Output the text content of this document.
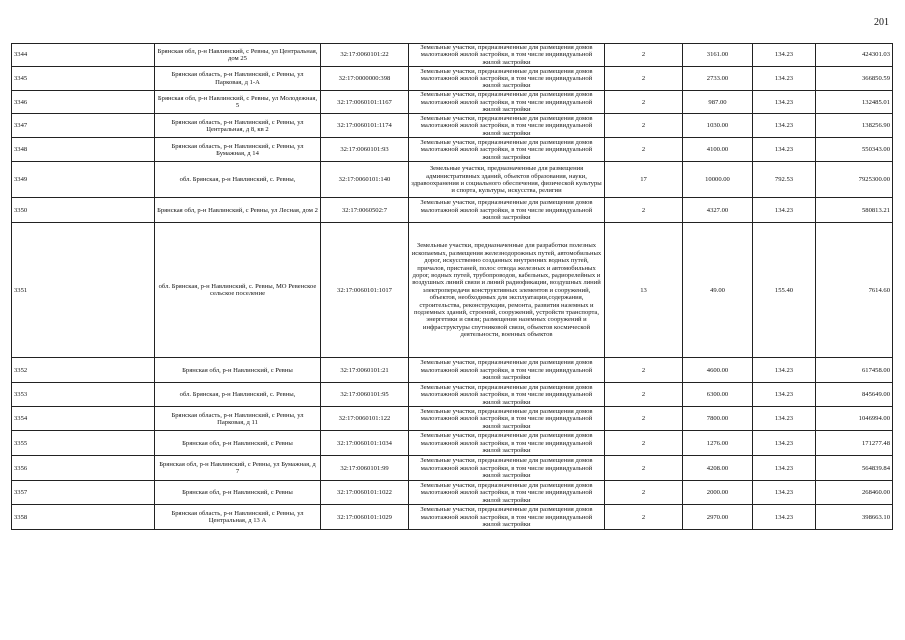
201
3344	Брянская обл, р-н Навлинский, с Ревны, ул Центральная, дом 25	32:17:0060101:22	Земельные участки, предназначенные для размещения домов малоэтажной жилой застройки, в том числе индивидуальной жилой застройки	2	3161.00	134.23	424301.03
3345	Брянская область, р-н Навлинский, с Ревны, ул Парковая, д 1-А	32:17:0000000:398	Земельные участки, предназначенные для размещения домов малоэтажной жилой застройки, в том числе индивидуальной жилой застройки	2	2733.00	134.23	366850.59
3346	Брянская обл, р-н Навлинский, с Ревны, ул Молодежная, 5	32:17:0060101:1167	Земельные участки, предназначенные для размещения домов малоэтажной жилой застройки, в том числе индивидуальной жилой застройки	2	987.00	134.23	132485.01
3347	Брянская область, р-н Навлинский, с Ревны, ул Центральная, д 8, кв 2	32:17:0060101:1174	Земельные участки, предназначенные для размещения домов малоэтажной жилой застройки, в том числе индивидуальной жилой застройки	2	1030.00	134.23	138256.90
3348	Брянская область, р-н Навлинский, с Ревны, ул Бумажная, д 14	32:17:0060101:93	Земельные участки, предназначенные для размещения домов малоэтажной жилой застройки, в том числе индивидуальной жилой застройки	2	4100.00	134.23	550343.00
3349	обл. Брянская, р-н Навлинский, с. Ревны,	32:17:0060101:140	Земельные участки, предназначенные для размещения административных зданий, объектов образования, науки, здравоохранения и социального обеспечения, физической культуры и спорта, культуры, искусства, религии	17	10000.00	792.53	7925300.00
3350	Брянская обл, р-н Навлинский, с Ревны, ул Лесная, дом 2	32:17:0060502:7	Земельные участки, предназначенные для размещения домов малоэтажной жилой застройки, в том числе индивидуальной жилой застройки	2	4327.00	134.23	580813.21
3351	обл. Брянская, р-н Навлинский, с. Ревны, МО Ревенское сельское поселение	32:17:0060101:1017	Земельные участки, предназначенные для разработки полезных ископаемых, размещения железнодорожных путей, автомобильных дорог, искусственно созданных внутренних водных путей, причалов, пристаней, полос отвода железных и автомобильных дорог, водных путей, трубопроводов, кабельных, радиорелейных и воздушных линий связи и линий радиофикации, воздушных линий электропередачи конструктивных элементов и сооружений, объектов, необходимых для эксплуатации,содержания, строительства, реконструкции, ремонта, развития наземных и подземных зданий, строений, сооружений, устройств транспорта, энергетики и связи; размещения наземных сооружений и инфраструктуры спутниковой связи, объектов космической деятельности, военных объектов	13	49.00	155.40	7614.60
3352	Брянская обл, р-н Навлинский, с Ревны	32:17:0060101:21	Земельные участки, предназначенные для размещения домов малоэтажной жилой застройки, в том числе индивидуальной жилой застройки	2	4600.00	134.23	617458.00
3353	обл. Брянская, р-н Навлинский, с. Ревны,	32:17:0060101:95	Земельные участки, предназначенные для размещения домов малоэтажной жилой застройки, в том числе индивидуальной жилой застройки	2	6300.00	134.23	845649.00
3354	Брянская область, р-н Навлинский, с Ревны, ул Парковая, д 11	32:17:0060101:122	Земельные участки, предназначенные для размещения домов малоэтажной жилой застройки, в том числе индивидуальной жилой застройки	2	7800.00	134.23	1046994.00
3355	Брянская обл, р-н Навлинский, с Ревны	32:17:0060101:1034	Земельные участки, предназначенные для размещения домов малоэтажной жилой застройки, в том числе индивидуальной жилой застройки	2	1276.00	134.23	171277.48
3356	Брянская обл, р-н Навлинский, с Ревны, ул Бумажная, д 7	32:17:0060101:99	Земельные участки, предназначенные для размещения домов малоэтажной жилой застройки, в том числе индивидуальной жилой застройки	2	4208.00	134.23	564839.84
3357	Брянская обл, р-н Навлинский, с Ревны	32:17:0060101:1022	Земельные участки, предназначенные для размещения домов малоэтажной жилой застройки, в том числе индивидуальной жилой застройки	2	2000.00	134.23	268460.00
3358	Брянская область, р-н Навлинский, с Ревны, ул Центральная, д 13 А	32:17:0060101:1029	Земельные участки, предназначенные для размещения домов малоэтажной жилой застройки, в том числе индивидуальной жилой застройки	2	2970.00	134.23	398663.10
